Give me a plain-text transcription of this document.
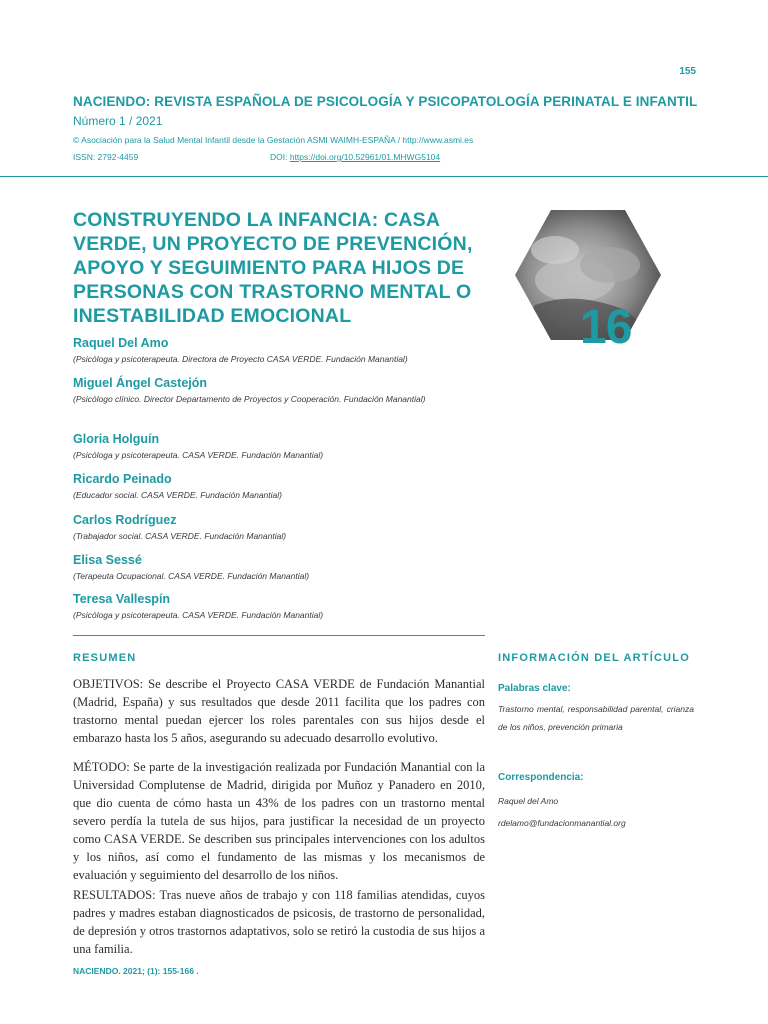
155
NACIENDO: REVISTA ESPAÑOLA DE PSICOLOGÍA Y PSICOPATOLOGÍA PERINATAL E INFANTIL
Número 1 / 2021
© Asociación para la Salud Mental Infantil desde la Gestación ASMI WAIMH-ESPAÑA / http://www.asmi.es
ISSN: 2792-4459	DOI: https://doi.org/10.52961/01.MHWG5104
CONSTRUYENDO LA INFANCIA: CASA VERDE, UN PROYECTO DE PREVENCIÓN, APOYO Y SEGUIMIENTO PARA HIJOS DE PERSONAS CON TRASTORNO MENTAL O INESTABILIDAD EMOCIONAL	16
Raquel Del Amo
(Psicóloga y psicoterapeuta. Directora de Proyecto CASA VERDE. Fundación Manantial)
Miguel Ángel Castejón
(Psicólogo clínico. Director Departamento de Proyectos y Cooperación. Fundación Manantial)
Gloria Holguín
(Psicóloga y psicoterapeuta. CASA VERDE. Fundación Manantial)
Ricardo Peinado
(Educador social. CASA VERDE. Fundación Manantial)
Carlos Rodríguez
(Trabajador social. CASA VERDE. Fundación Manantial)
Elisa Sessé
(Terapeuta Ocupacional. CASA VERDE. Fundación Manantial)
Teresa Vallespín
(Psicóloga y psicoterapeuta. CASA VERDE. Fundación Manantial)
RESUMEN

OBJETIVOS: Se describe el Proyecto CASA VERDE de Fundación Manantial (Madrid, España) y sus resultados que desde 2011 facilita que los padres con trastorno mental puedan ejercer los roles parentales con sus hijos desde el embarazo hasta los 5 años, asegurando su adecuado desarrollo evolutivo.

MÉTODO: Se parte de la investigación realizada por Fundación Manantial con la Universidad Complutense de Madrid, dirigida por Muñoz y Panadero en 2010, que dio cuenta de cómo hasta un 43% de los padres con un trastorno mental severo perdía la tutela de sus hijos, para justificar la necesidad de un proyecto como CASA VERDE. Se describen sus principales intervenciones con los adultos y los niños, así como el fundamento de las mismas y los mecanismos de evaluación y seguimiento del desarrollo de los niños.

RESULTADOS: Tras nueve años de trabajo y con 118 familias atendidas, cuyos padres y madres estaban diagnosticados de psicosis, de trastorno de personalidad, de depresión y otros trastornos adaptativos, solo se retiró la custodia de sus hijos a una familia.

INFORMACIÓN DEL ARTÍCULO
Palabras clave:

Trastorno mental, responsabilidad parental, crianza de los niños, prevención primaria

Correspondencia:

Raquel del Amo

rdelamo@fundacionmanantial.org

NACIENDO. 2021; (1): 155-166 .
